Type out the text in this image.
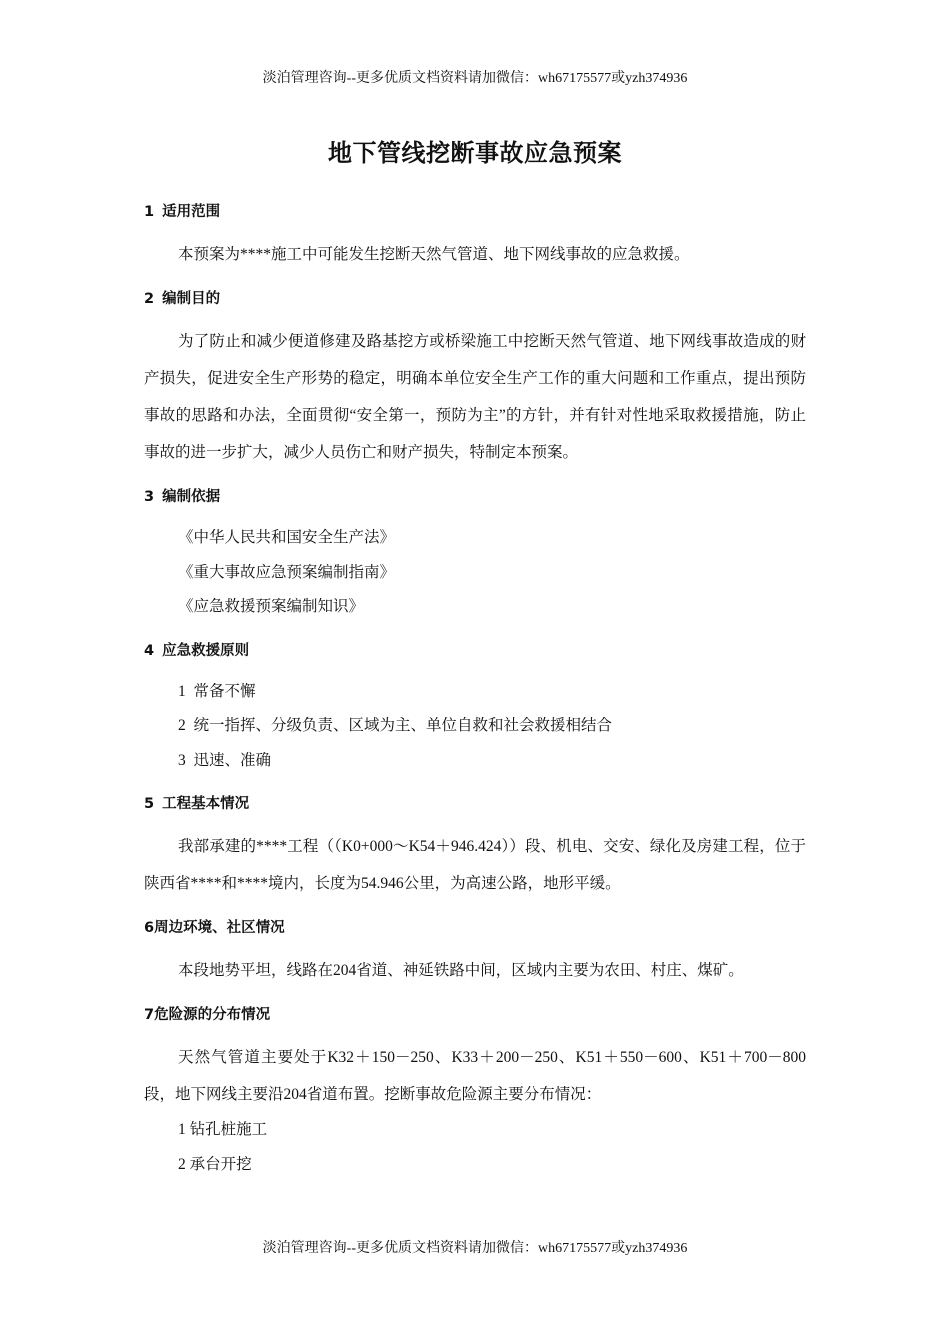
淡泊管理咨询--更多优质文档资料请加微信：wh67175577或yzh374936
地下管线挖断事故应急预案
1 适用范围

本预案为****施工中可能发生挖断天然气管道、地下网线事故的应急救援。

2 编制目的

为了防止和减少便道修建及路基挖方或桥梁施工中挖断天然气管道、地下网线事故造成的财产损失，促进安全生产形势的稳定，明确本单位安全生产工作的重大问题和工作重点，提出预防事故的思路和办法，全面贯彻“安全第一，预防为主”的方针，并有针对性地采取救援措施，防止事故的进一步扩大，减少人员伤亡和财产损失，特制定本预案。

3 编制依据
《中华人民共和国安全生产法》
《重大事故应急预案编制指南》
《应急救援预案编制知识》
4 应急救援原则
1  常备不懈
2  统一指挥、分级负责、区域为主、单位自救和社会救援相结合
3  迅速、准确
5 工程基本情况

我部承建的****工程（（K0+000～K54＋946.424））段、机电、交安、绿化及房建工程，位于陕西省****和****境内，长度为54.946公里，为高速公路，地形平缓。

6周边环境、社区情况

本段地势平坦，线路在204省道、神延铁路中间，区域内主要为农田、村庄、煤矿。

7危险源的分布情况

天然气管道主要处于K32＋150－250、K33＋200－250、K51＋550－600、K51＋700－800段，地下网线主要沿204省道布置。挖断事故危险源主要分布情况：

1 钻孔桩施工
2 承台开挖
淡泊管理咨询--更多优质文档资料请加微信：wh67175577或yzh374936
